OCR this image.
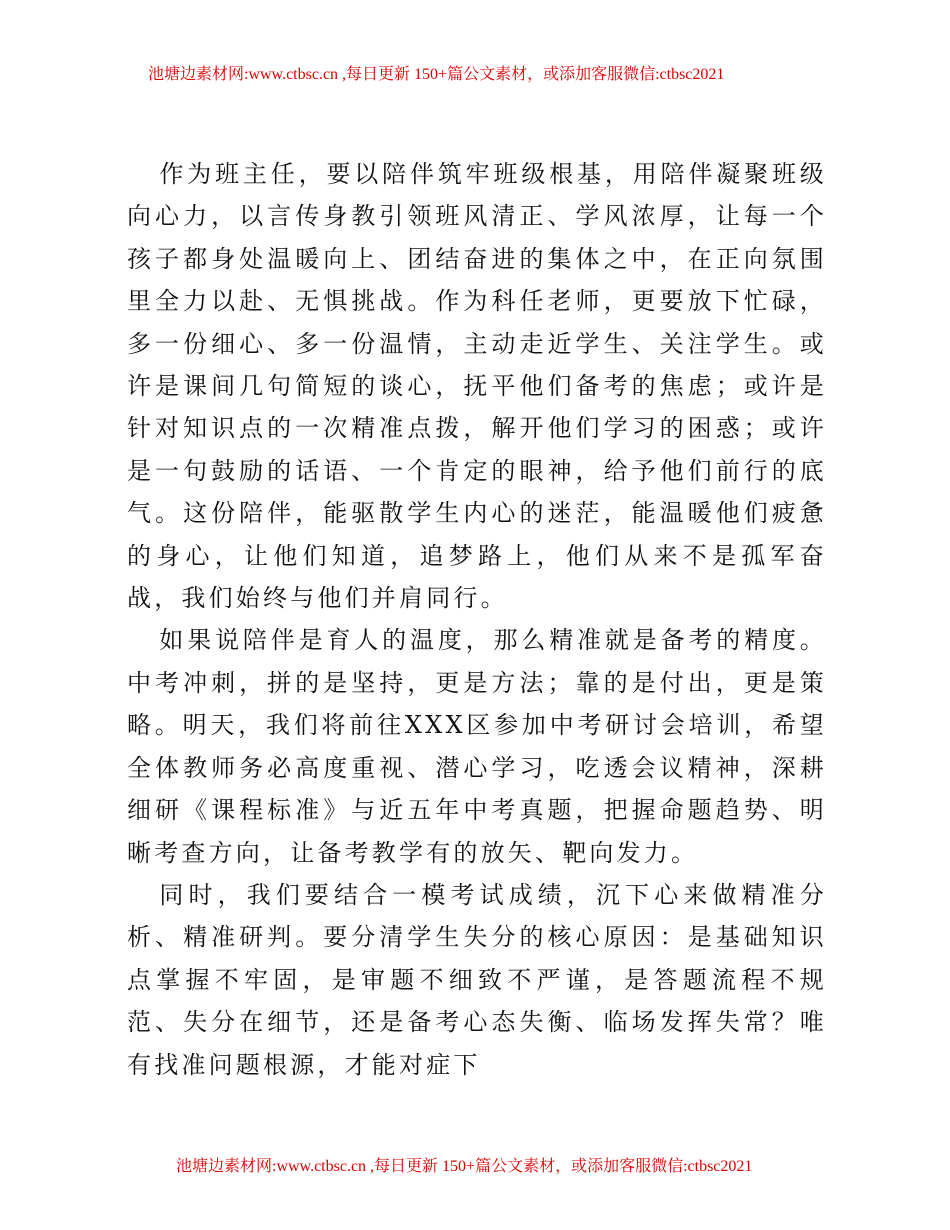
池塘边素材网:www.ctbsc.cn ,每日更新 150+篇公文素材，或添加客服微信:ctbsc2021

作为班主任，要以陪伴筑牢班级根基，用陪伴凝聚班级向心力，以言传身教引领班风清正、学风浓厚，让每一个孩子都身处温暖向上、团结奋进的集体之中，在正向氛围里全力以赴、无惧挑战。作为科任老师，更要放下忙碌，多一份细心、多一份温情，主动走近学生、关注学生。或许是课间几句简短的谈心，抚平他们备考的焦虑；或许是针对知识点的一次精准点拨，解开他们学习的困惑；或许是一句鼓励的话语、一个肯定的眼神，给予他们前行的底气。这份陪伴，能驱散学生内心的迷茫，能温暖他们疲惫的身心，让他们知道，追梦路上，他们从来不是孤军奋战，我们始终与他们并肩同行。

如果说陪伴是育人的温度，那么精准就是备考的精度。中考冲刺，拼的是坚持，更是方法；靠的是付出，更是策略。明天，我们将前往XXX区参加中考研讨会培训，希望全体教师务必高度重视、潜心学习，吃透会议精神，深耕细研《课程标准》与近五年中考真题，把握命题趋势、明晰考查方向，让备考教学有的放矢、靶向发力。

同时，我们要结合一模考试成绩，沉下心来做精准分析、精准研判。要分清学生失分的核心原因：是基础知识点掌握不牢固，是审题不细致不严谨，是答题流程不规范、失分在细节，还是备考心态失衡、临场发挥失常？唯有找准问题根源，才能对症下

池塘边素材网:www.ctbsc.cn ,每日更新 150+篇公文素材，或添加客服微信:ctbsc2021
